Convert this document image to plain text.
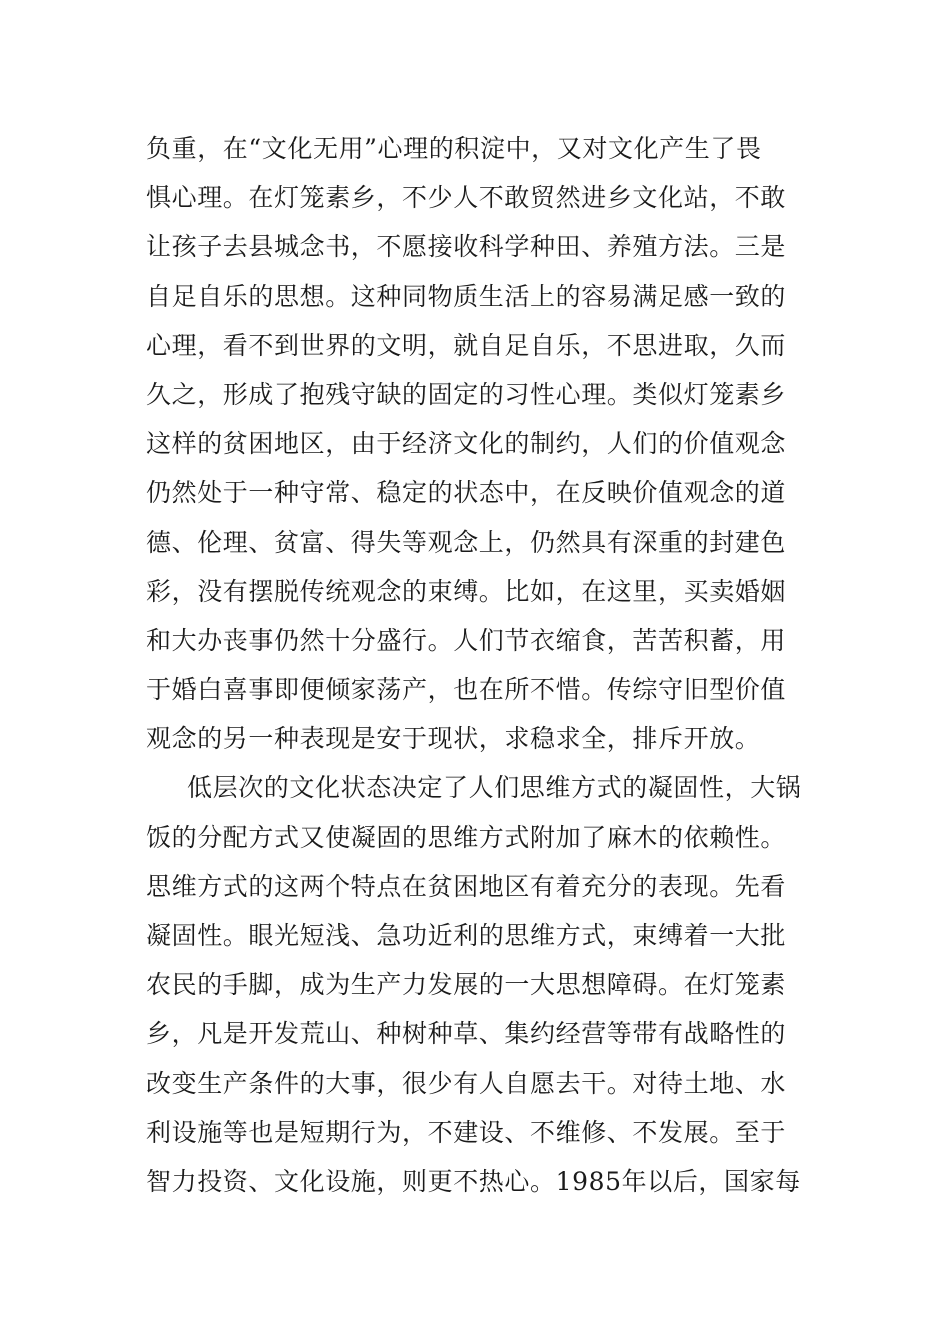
负重，在“文化无用”心理的积淀中，又对文化产生了畏
惧心理。在灯笼素乡，不少人不敢贸然进乡文化站，不敢
让孩子去县城念书，不愿接收科学种田、养殖方法。三是
自足自乐的思想。这种同物质生活上的容易满足感一致的
心理，看不到世界的文明，就自足自乐，不思进取，久而
久之，形成了抱残守缺的固定的习性心理。类似灯笼素乡
这样的贫困地区，由于经济文化的制约，人们的价值观念
仍然处于一种守常、稳定的状态中，在反映价值观念的道
德、伦理、贫富、得失等观念上，仍然具有深重的封建色
彩，没有摆脱传统观念的束缚。比如，在这里，买卖婚姻
和大办丧事仍然十分盛行。人们节衣缩食，苦苦积蓄，用
于婚白喜事即便倾家荡产，也在所不惜。传综守旧型价值
观念的另一种表现是安于现状，求稳求全，排斥开放。
低层次的文化状态决定了人们思维方式的凝固性，大锅
饭的分配方式又使凝固的思维方式附加了麻木的依赖性。
思维方式的这两个特点在贫困地区有着充分的表现。先看
凝固性。眼光短浅、急功近利的思维方式，束缚着一大批
农民的手脚，成为生产力发展的一大思想障碍。在灯笼素
乡，凡是开发荒山、种树种草、集约经营等带有战略性的
改变生产条件的大事，很少有人自愿去干。对待土地、水
利设施等也是短期行为，不建设、不维修、不发展。至于
智力投资、文化设施，则更不热心。1985年以后，国家每
